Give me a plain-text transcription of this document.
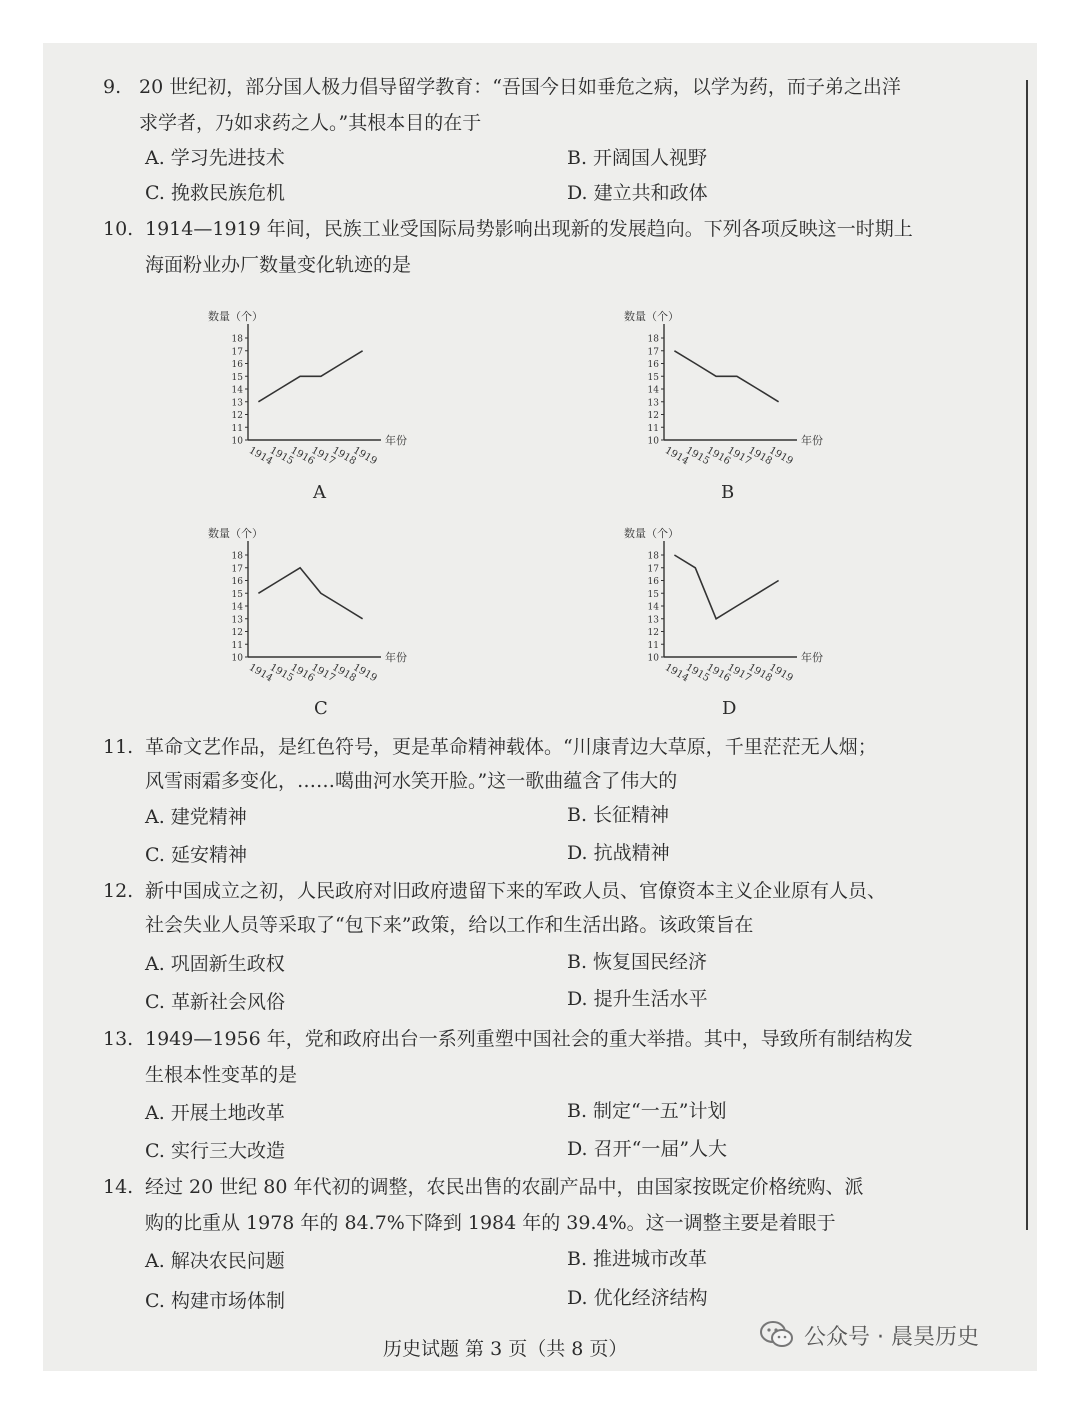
9. 20 世纪初，部分国人极力倡导留学教育：“吾国今日如垂危之病，以学为药，而子弟之出洋
求学者，乃如求药之人。”其根本目的在于
A. 学习先进技术	B. 开阔国人视野
C. 挽救民族危机	D. 建立共和政体
10. 1914—1919 年间，民族工业受国际局势影响出现新的发展趋向。下列各项反映这一时期上
海面粉业办厂数量变化轨迹的是
数量（个）
年份
10
11
12
13
14
15
16
17
18
1914
1915
1916
1917
1918
1919
数量（个）
年份
10
11
12
13
14
15
16
17
18
1914
1915
1916
1917
1918
1919
数量（个）
年份
10
11
12
13
14
15
16
17
18
1914
1915
1916
1917
1918
1919
数量（个）
年份
10
11
12
13
14
15
16
17
18
1914
1915
1916
1917
1918
1919
A	B
C	D
11. 革命文艺作品，是红色符号，更是革命精神载体。“川康青边大草原，千里茫茫无人烟；
风雪雨霜多变化，……噶曲河水笑开脸。”这一歌曲蕴含了伟大的
A. 建党精神	B. 长征精神
C. 延安精神	D. 抗战精神
12. 新中国成立之初，人民政府对旧政府遗留下来的军政人员、官僚资本主义企业原有人员、
社会失业人员等采取了“包下来”政策，给以工作和生活出路。该政策旨在
A. 巩固新生政权	B. 恢复国民经济
C. 革新社会风俗	D. 提升生活水平
13. 1949—1956 年，党和政府出台一系列重塑中国社会的重大举措。其中，导致所有制结构发
生根本性变革的是
A. 开展土地改革	B. 制定“一五”计划
C. 实行三大改造	D. 召开“一届”人大
14. 经过 20 世纪 80 年代初的调整，农民出售的农副产品中，由国家按既定价格统购、派
购的比重从 1978 年的 84.7%下降到 1984 年的 39.4%。这一调整主要是着眼于
A. 解决农民问题	B. 推进城市改革
C. 构建市场体制	D. 优化经济结构
历史试题 第 3 页（共 8 页）	公众号 · 晨昊历史
